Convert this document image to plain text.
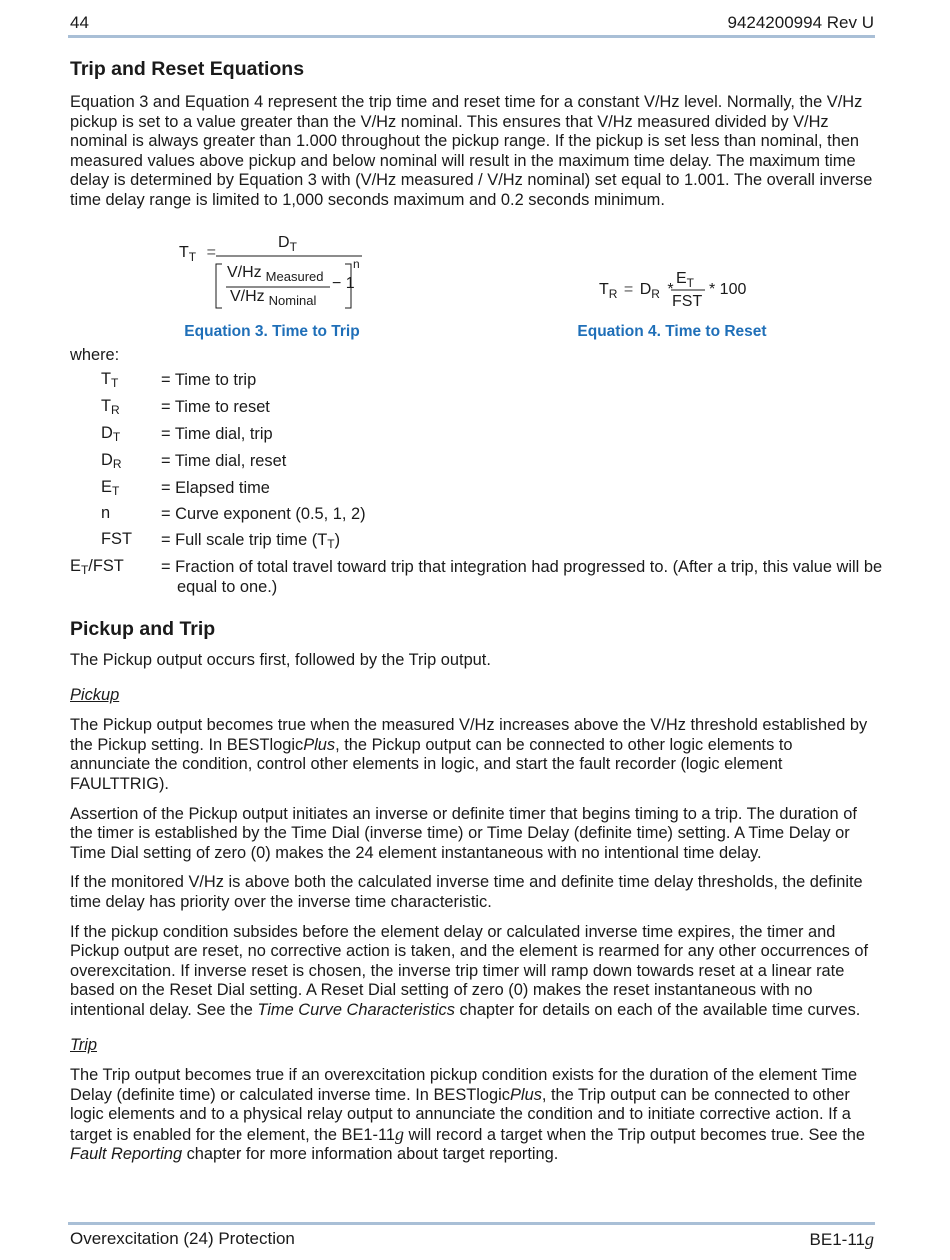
44	9424200994 Rev U
Trip and Reset Equations

Equation 3 and Equation 4 represent the trip time and reset time for a constant V/Hz level. Normally, the V/Hz pickup is set to a value greater than the V/Hz nominal. This ensures that V/Hz measured divided by V/Hz nominal is always greater than 1.000 throughout the pickup range. If the pickup is set less than nominal, then measured values above pickup and below nominal will result in the maximum time delay. The maximum time delay is determined by Equation 3 with (V/Hz measured / V/Hz nominal) set equal to 1.001. The overall inverse time delay range is limited to 1,000 seconds maximum and 0.2 seconds minimum.

$T_T$ =
$D_T$
V/Hz $_{Measured}$ − 1
V/Hz $_{Nominal}$
n
Equation 3. Time to Trip
$T_R = D_R$ *
$E_T$
FST
* 100
Equation 4. Time to Reset

where:

TT	= Time to trip
TR	= Time to reset
DT	= Time dial, trip
DR	= Time dial, reset
ET	= Elapsed time
n	= Curve exponent (0.5, 1, 2)
FST	= Full scale trip time (TT)
ET/FST	= Fraction of total travel toward trip that integration had progressed to. (After a trip, this value will be equal to one.)
Pickup and Trip

The Pickup output occurs first, followed by the Trip output.

Pickup

The Pickup output becomes true when the measured V/Hz increases above the V/Hz threshold established by the Pickup setting. In BESTlogicPlus, the Pickup output can be connected to other logic elements to annunciate the condition, control other elements in logic, and start the fault recorder (logic element FAULTTRIG).

Assertion of the Pickup output initiates an inverse or definite timer that begins timing to a trip. The duration of the timer is established by the Time Dial (inverse time) or Time Delay (definite time) setting. A Time Delay or Time Dial setting of zero (0) makes the 24 element instantaneous with no intentional time delay.

If the monitored V/Hz is above both the calculated inverse time and definite time delay thresholds, the definite time delay has priority over the inverse time characteristic.

If the pickup condition subsides before the element delay or calculated inverse time expires, the timer and Pickup output are reset, no corrective action is taken, and the element is rearmed for any other occurrences of overexcitation. If inverse reset is chosen, the inverse trip timer will ramp down towards reset at a linear rate based on the Reset Dial setting. A Reset Dial setting of zero (0) makes the reset instantaneous with no intentional delay. See the Time Curve Characteristics chapter for details on each of the available time curves.

Trip

The Trip output becomes true if an overexcitation pickup condition exists for the duration of the element Time Delay (definite time) or calculated inverse time. In BESTlogicPlus, the Trip output can be connected to other logic elements and to a physical relay output to annunciate the condition and to initiate corrective action. If a target is enabled for the element, the BE1-11g will record a target when the Trip output becomes true. See the Fault Reporting chapter for more information about target reporting.

Overexcitation (24) Protection	BE1-11g
